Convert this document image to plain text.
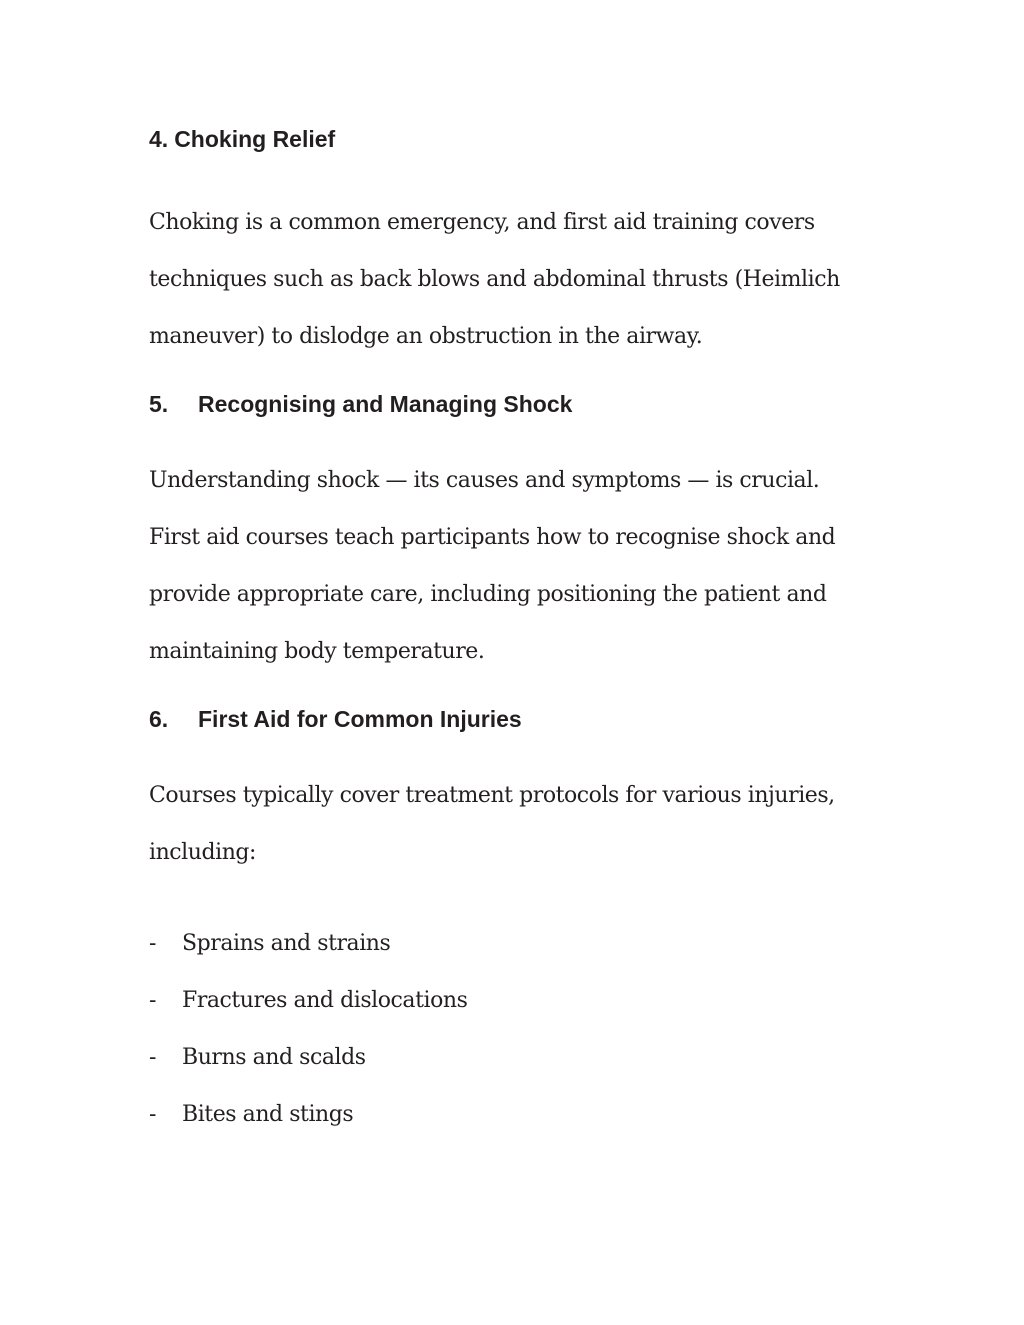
4. Choking Relief
Choking is a common emergency, and first aid training covers
techniques such as back blows and abdominal thrusts (Heimlich
maneuver) to dislodge an obstruction in the airway.
5. Recognising and Managing Shock
Understanding shock — its causes and symptoms — is crucial.
First aid courses teach participants how to recognise shock and
provide appropriate care, including positioning the patient and
maintaining body temperature.
6. First Aid for Common Injuries
Courses typically cover treatment protocols for various injuries,
including:
- Sprains and strains
- Fractures and dislocations
- Burns and scalds
- Bites and stings
